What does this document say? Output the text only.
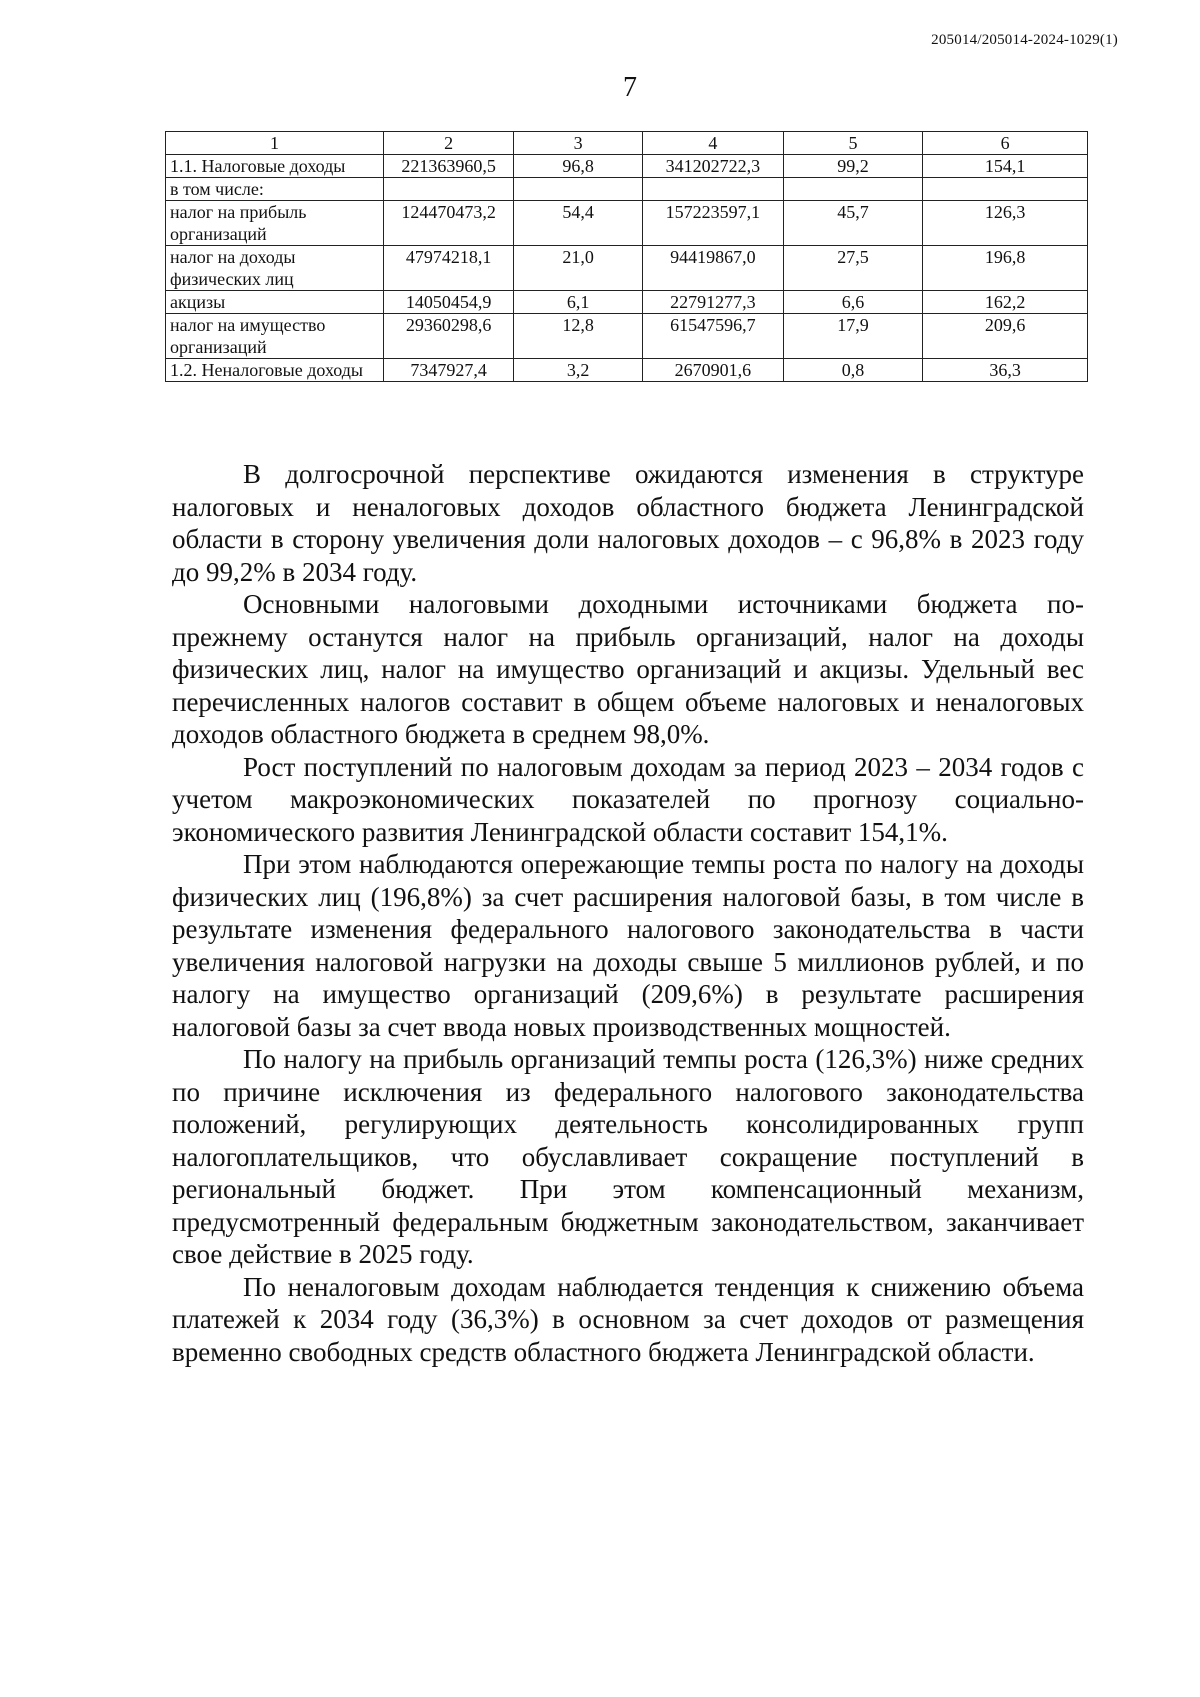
205014/205014-2024-1029(1)
7
1	2	3	4	5	6
1.1. Налоговые доходы	221363960,5	96,8	341202722,3	99,2	154,1
в том числе:					
налог на прибыль организаций	124470473,2	54,4	157223597,1	45,7	126,3
налог на доходы физических лиц	47974218,1	21,0	94419867,0	27,5	196,8
акцизы	14050454,9	6,1	22791277,3	6,6	162,2
налог на имущество организаций	29360298,6	12,8	61547596,7	17,9	209,6
1.2. Неналоговые доходы	7347927,4	3,2	2670901,6	0,8	36,3

В долгосрочной перспективе ожидаются изменения в структуре налоговых и неналоговых доходов областного бюджета Ленинградской области в сторону увеличения доли налоговых доходов – с 96,8% в 2023 году до 99,2% в 2034 году.

Основными налоговыми доходными источниками бюджета по-прежнему останутся налог на прибыль организаций, налог на доходы физических лиц, налог на имущество организаций и акцизы. Удельный вес перечисленных налогов составит в общем объеме налоговых и неналоговых доходов областного бюджета в среднем 98,0%.

Рост поступлений по налоговым доходам за период 2023 – 2034 годов с учетом макроэкономических показателей по прогнозу социально-экономического развития Ленинградской области составит 154,1%.

При этом наблюдаются опережающие темпы роста по налогу на доходы физических лиц (196,8%) за счет расширения налоговой базы, в том числе в результате изменения федерального налогового законодательства в части увеличения налоговой нагрузки на доходы свыше 5 миллионов рублей, и по налогу на имущество организаций (209,6%) в результате расширения налоговой базы за счет ввода новых производственных мощностей.

По налогу на прибыль организаций темпы роста (126,3%) ниже средних по причине исключения из федерального налогового законодательства положений, регулирующих деятельность консолидированных групп налогоплательщиков, что обуславливает сокращение поступлений в региональный бюджет. При этом компенсационный механизм, предусмотренный федеральным бюджетным законодательством, заканчивает свое действие в 2025 году.

По неналоговым доходам наблюдается тенденция к снижению объема платежей к 2034 году (36,3%) в основном за счет доходов от размещения временно свободных средств областного бюджета Ленинградской области.
